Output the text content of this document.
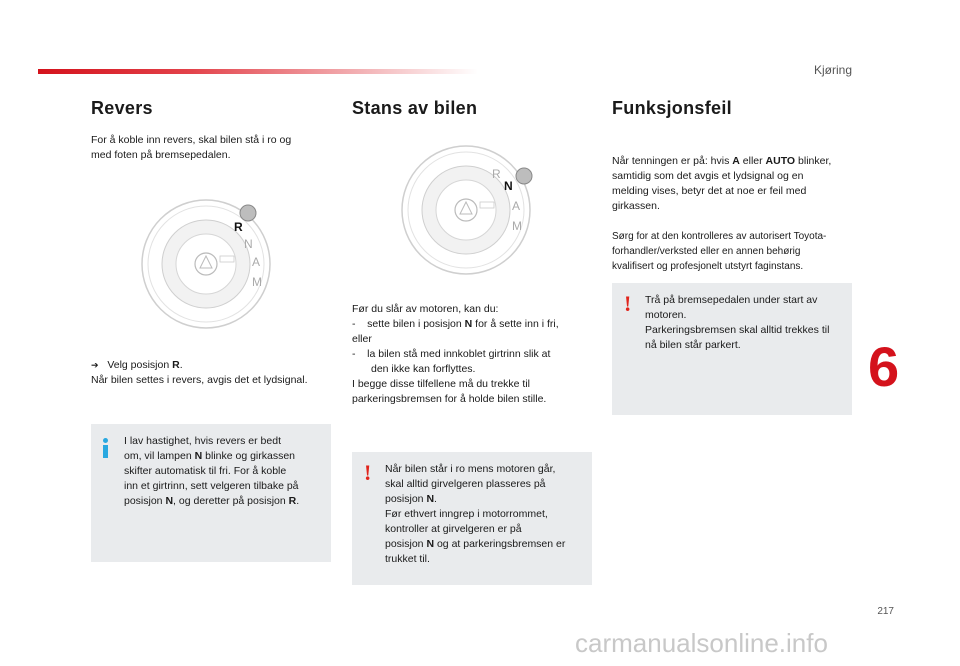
Kjøring
Revers

For å koble inn revers, skal bilen stå i ro og

med foten på bremsepedalen.

R
N
A
M

➔ Velg posisjon R.

Når bilen settes i revers, avgis det et lydsignal.

I lav hastighet, hvis revers er bedt

om, vil lampen N blinke og girkassen

skifter automatisk til fri. For å koble

inn et girtrinn, sett velgeren tilbake på

posisjon N, og deretter på posisjon R.

Stans av bilen
R
N
A
M

Før du slår av motoren, kan du:

- sette bilen i posisjon N for å sette inn i fri,

eller

- la bilen stå med innkoblet girtrinn slik at

den ikke kan forflyttes.

I begge disse tilfellene må du trekke til

parkeringsbremsen for å holde bilen stille.

! Når bilen står i ro mens motoren går,

skal alltid girvelgeren plasseres på

posisjon N.

Før ethvert inngrep i motorrommet,

kontroller at girvelgeren er på

posisjon N og at parkeringsbremsen er

trukket til.

Funksjonsfeil

Når tenningen er på: hvis A eller AUTO blinker,

samtidig som det avgis et lydsignal og en

melding vises, betyr det at noe er feil med

girkassen.

Sørg for at den kontrolleres av autorisert Toyota-

forhandler/verksted eller en annen behørig

kvalifisert og profesjonelt utstyrt faginstans.

! Trå på bremsepedalen under start av

motoren.

Parkeringsbremsen skal alltid trekkes til

nå bilen står parkert.	6
217
carmanualsonline.info
